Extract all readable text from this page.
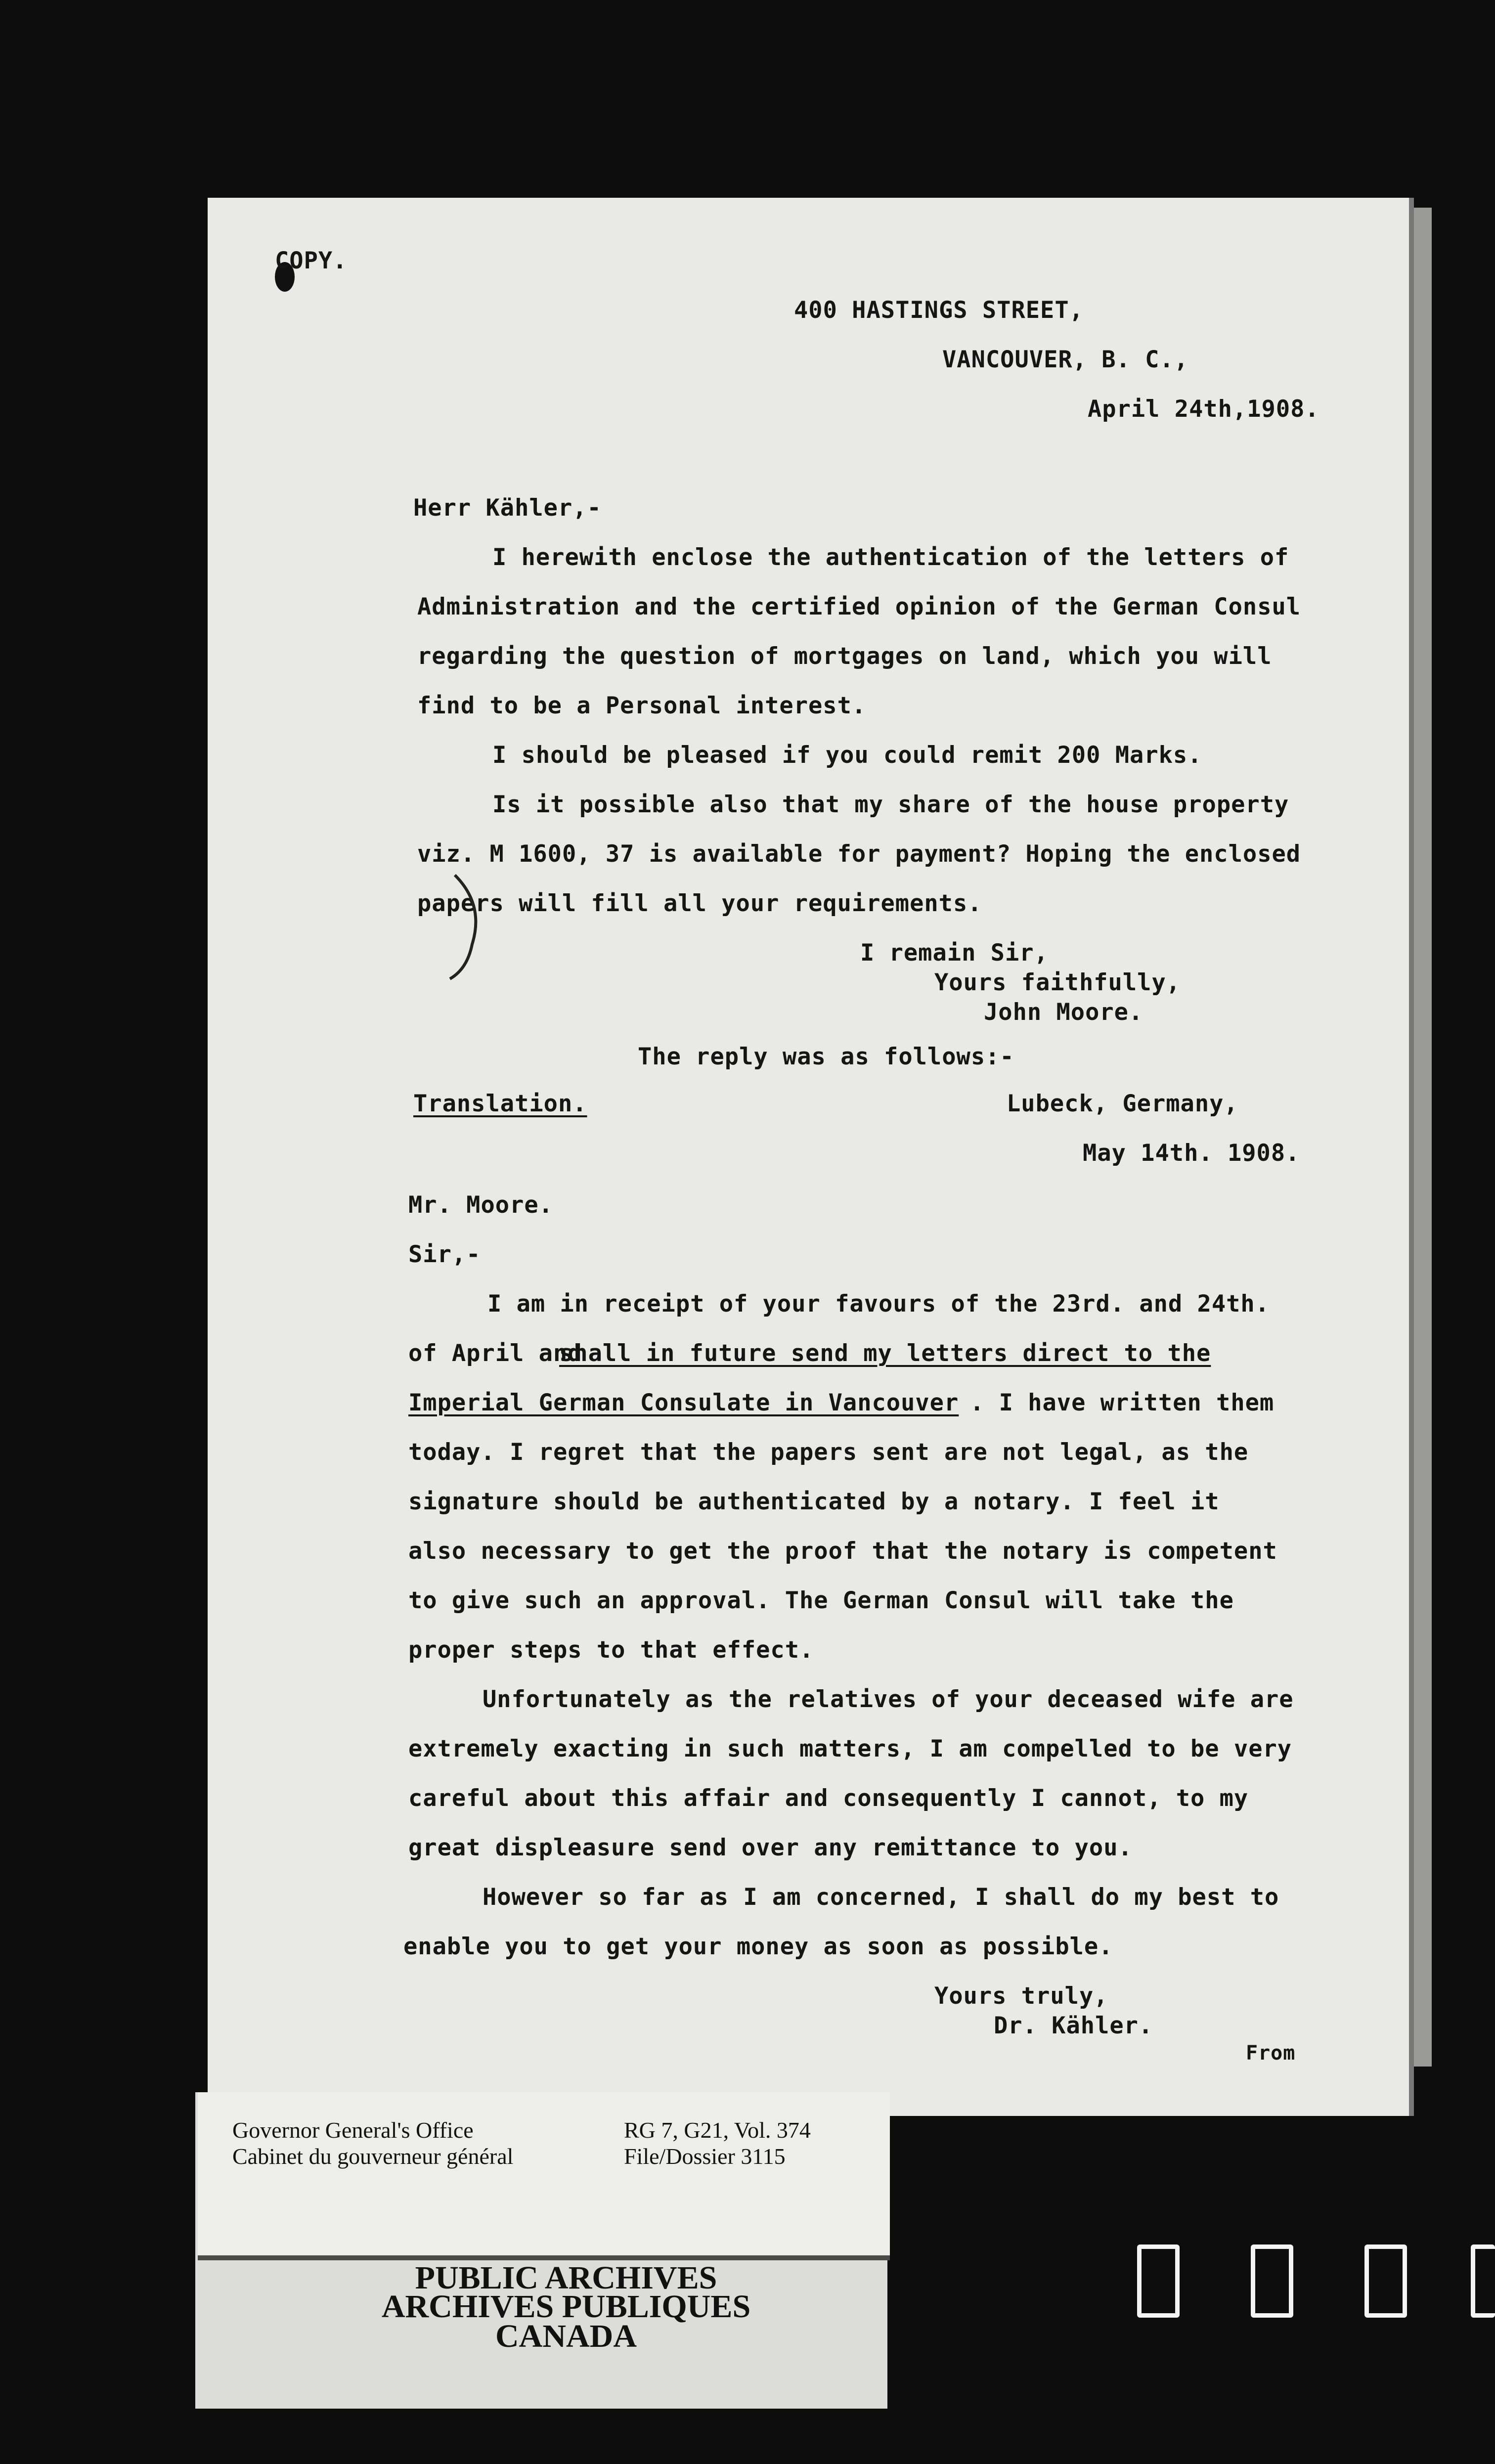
COPY.
400 HASTINGS STREET,
VANCOUVER, B. C.,
April 24th,1908.
Herr Kähler,-
I herewith enclose the authentication of the letters of
Administration and the certified opinion of the German Consul
regarding the question of mortgages on land, which you will
find to be a Personal interest.
I should be pleased if you could remit 200 Marks.
Is it possible also that my share of the house property
viz. M 1600, 37 is available for payment? Hoping the enclosed
papers will fill all your requirements.
I remain Sir,
Yours faithfully,
John Moore.
The reply was as follows:-
Translation.	Lubeck, Germany,
May 14th. 1908.
Mr. Moore.
Sir,-
I am in receipt of your favours of the 23rd. and 24th.
of April and
shall in future send my letters direct to the
Imperial German Consulate in Vancouver . I have written them
today. I regret that the papers sent are not legal, as the
signature should be authenticated by a notary. I feel it
also necessary to get the proof that the notary is competent
to give such an approval. The German Consul will take the
proper steps to that effect.
Unfortunately as the relatives of your deceased wife are
extremely exacting in such matters, I am compelled to be very
careful about this affair and consequently I cannot, to my
great displeasure send over any remittance to you.
However so far as I am concerned, I shall do my best to
enable you to get your money as soon as possible.
Yours truly,
Dr. Kähler.
From
Governor General's Office
Cabinet du gouverneur général
RG 7, G21, Vol. 374
File/Dossier 3115
PUBLIC ARCHIVES
ARCHIVES PUBLIQUES
CANADA
